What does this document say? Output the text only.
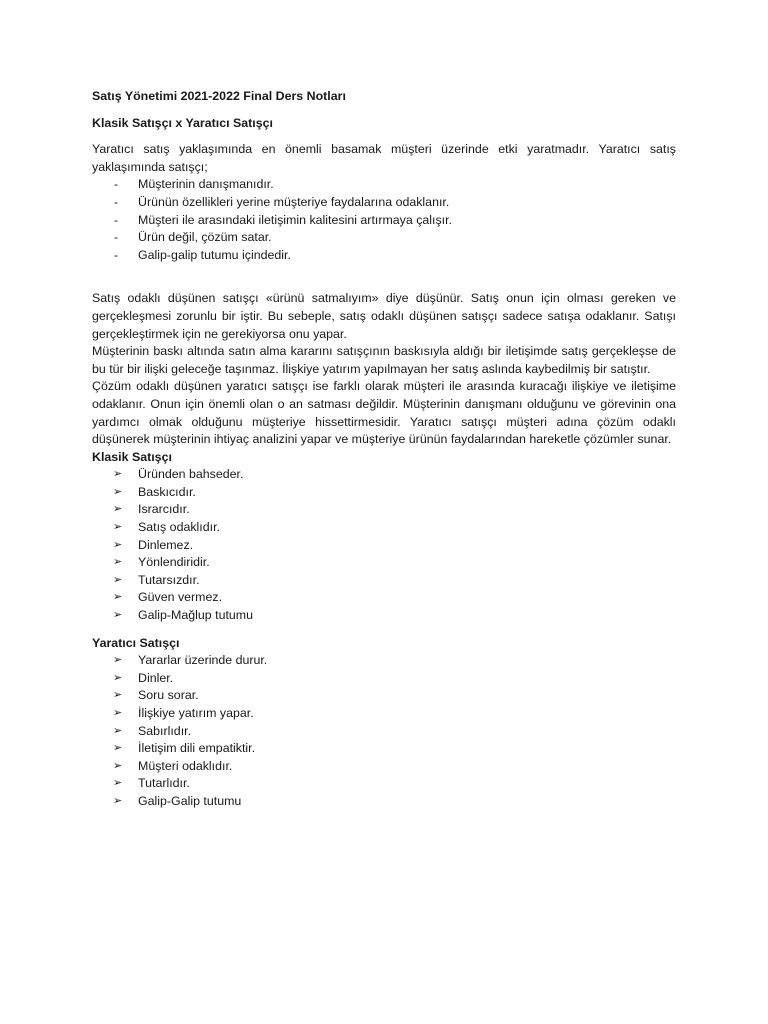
Satış Yönetimi 2021-2022 Final Ders Notları

Klasik Satışçı x Yaratıcı Satışçı

Yaratıcı satış yaklaşımında en önemli basamak müşteri üzerinde etki yaratmadır. Yaratıcı satış yaklaşımında satışçı;

- Müşterinin danışmanıdır.
- Ürünün özellikleri yerine müşteriye faydalarına odaklanır.
- Müşteri ile arasındaki iletişimin kalitesini artırmaya çalışır.
- Ürün değil, çözüm satar.
- Galip-galip tutumu içindedir.

Satış odaklı düşünen satışçı «ürünü satmalıyım» diye düşünür. Satış onun için olması gereken ve gerçekleşmesi zorunlu bir iştir. Bu sebeple, satış odaklı düşünen satışçı sadece satışa odaklanır. Satışı gerçekleştirmek için ne gerekiyorsa onu yapar.

Müşterinin baskı altında satın alma kararını satışçının baskısıyla aldığı bir iletişimde satış gerçekleşse de bu tür bir ilişki geleceğe taşınmaz. İlişkiye yatırım yapılmayan her satış aslında kaybedilmiş bir satıştır.

Çözüm odaklı düşünen yaratıcı satışçı ise farklı olarak müşteri ile arasında kuracağı ilişkiye ve iletişime odaklanır. Onun için önemli olan o an satması değildir. Müşterinin danışmanı olduğunu ve görevinin ona yardımcı olmak olduğunu müşteriye hissettirmesidir. Yaratıcı satışçı müşteri adına çözüm odaklı düşünerek müşterinin ihtiyaç analizini yapar ve müşteriye ürünün faydalarından hareketle çözümler sunar.

Klasik Satışçı

➢ Üründen bahseder.
➢ Baskıcıdır.
➢ Israrcıdır.
➢ Satış odaklıdır.
➢ Dinlemez.
➢ Yönlendiridir.
➢ Tutarsızdır.
➢ Güven vermez.
➢ Galip-Mağlup tutumu

Yaratıcı Satışçı

➢ Yararlar üzerinde durur.
➢ Dinler.
➢ Soru sorar.
➢ İlişkiye yatırım yapar.
➢ Sabırlıdır.
➢ İletişim dili empatiktir.
➢ Müşteri odaklıdır.
➢ Tutarlıdır.
➢ Galip-Galip tutumu
